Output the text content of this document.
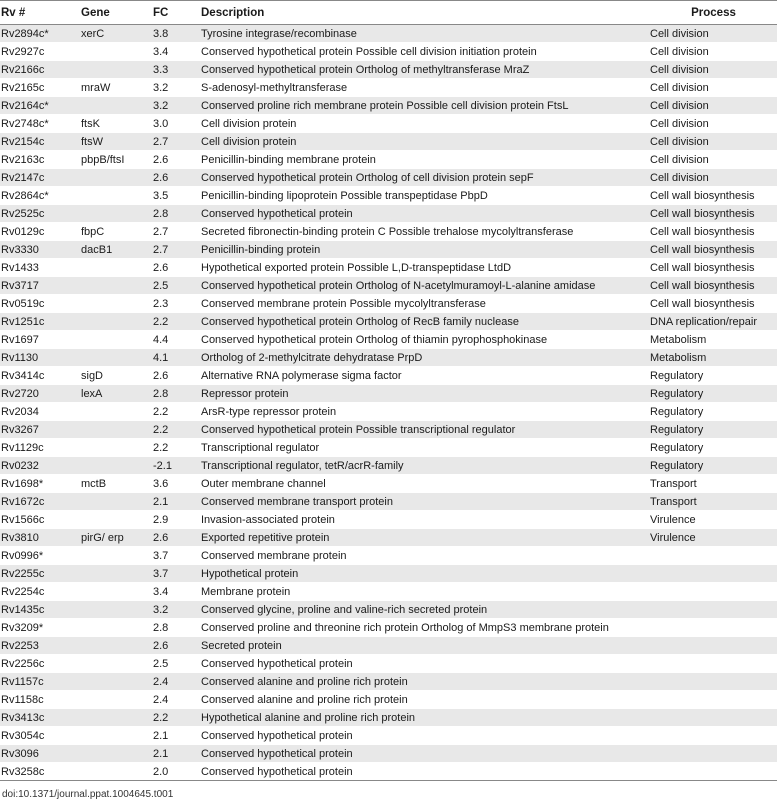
Rv #	Gene	FC	Description	Process
Rv2894c*	xerC	3.8	Tyrosine integrase/recombinase	Cell division
Rv2927c		3.4	Conserved hypothetical protein Possible cell division initiation protein	Cell division
Rv2166c		3.3	Conserved hypothetical protein Ortholog of methyltransferase MraZ	Cell division
Rv2165c	mraW	3.2	S-adenosyl-methyltransferase	Cell division
Rv2164c*		3.2	Conserved proline rich membrane protein Possible cell division protein FtsL	Cell division
Rv2748c*	ftsK	3.0	Cell division protein	Cell division
Rv2154c	ftsW	2.7	Cell division protein	Cell division
Rv2163c	pbpB/ftsI	2.6	Penicillin-binding membrane protein	Cell division
Rv2147c		2.6	Conserved hypothetical protein Ortholog of cell division protein sepF	Cell division
Rv2864c*		3.5	Penicillin-binding lipoprotein Possible transpeptidase PbpD	Cell wall biosynthesis
Rv2525c		2.8	Conserved hypothetical protein	Cell wall biosynthesis
Rv0129c	fbpC	2.7	Secreted fibronectin-binding protein C Possible trehalose mycolyltransferase	Cell wall biosynthesis
Rv3330	dacB1	2.7	Penicillin-binding protein	Cell wall biosynthesis
Rv1433		2.6	Hypothetical exported protein Possible L,D-transpeptidase LtdD	Cell wall biosynthesis
Rv3717		2.5	Conserved hypothetical protein Ortholog of N-acetylmuramoyl-L-alanine amidase	Cell wall biosynthesis
Rv0519c		2.3	Conserved membrane protein Possible mycolyltransferase	Cell wall biosynthesis
Rv1251c		2.2	Conserved hypothetical protein Ortholog of RecB family nuclease	DNA replication/repair
Rv1697		4.4	Conserved hypothetical protein Ortholog of thiamin pyrophosphokinase	Metabolism
Rv1130		4.1	Ortholog of 2-methylcitrate dehydratase PrpD	Metabolism
Rv3414c	sigD	2.6	Alternative RNA polymerase sigma factor	Regulatory
Rv2720	lexA	2.8	Repressor protein	Regulatory
Rv2034		2.2	ArsR-type repressor protein	Regulatory
Rv3267		2.2	Conserved hypothetical protein Possible transcriptional regulator	Regulatory
Rv1129c		2.2	Transcriptional regulator	Regulatory
Rv0232		-2.1	Transcriptional regulator, tetR/acrR-family	Regulatory
Rv1698*	mctB	3.6	Outer membrane channel	Transport
Rv1672c		2.1	Conserved membrane transport protein	Transport
Rv1566c		2.9	Invasion-associated protein	Virulence
Rv3810	pirG/ erp	2.6	Exported repetitive protein	Virulence
Rv0996*		3.7	Conserved membrane protein	
Rv2255c		3.7	Hypothetical protein	
Rv2254c		3.4	Membrane protein	
Rv1435c		3.2	Conserved glycine, proline and valine-rich secreted protein	
Rv3209*		2.8	Conserved proline and threonine rich protein Ortholog of MmpS3 membrane protein	
Rv2253		2.6	Secreted protein	
Rv2256c		2.5	Conserved hypothetical protein	
Rv1157c		2.4	Conserved alanine and proline rich protein	
Rv1158c		2.4	Conserved alanine and proline rich protein	
Rv3413c		2.2	Hypothetical alanine and proline rich protein	
Rv3054c		2.1	Conserved hypothetical protein	
Rv3096		2.1	Conserved hypothetical protein	
Rv3258c		2.0	Conserved hypothetical protein	
doi:10.1371/journal.ppat.1004645.t001
